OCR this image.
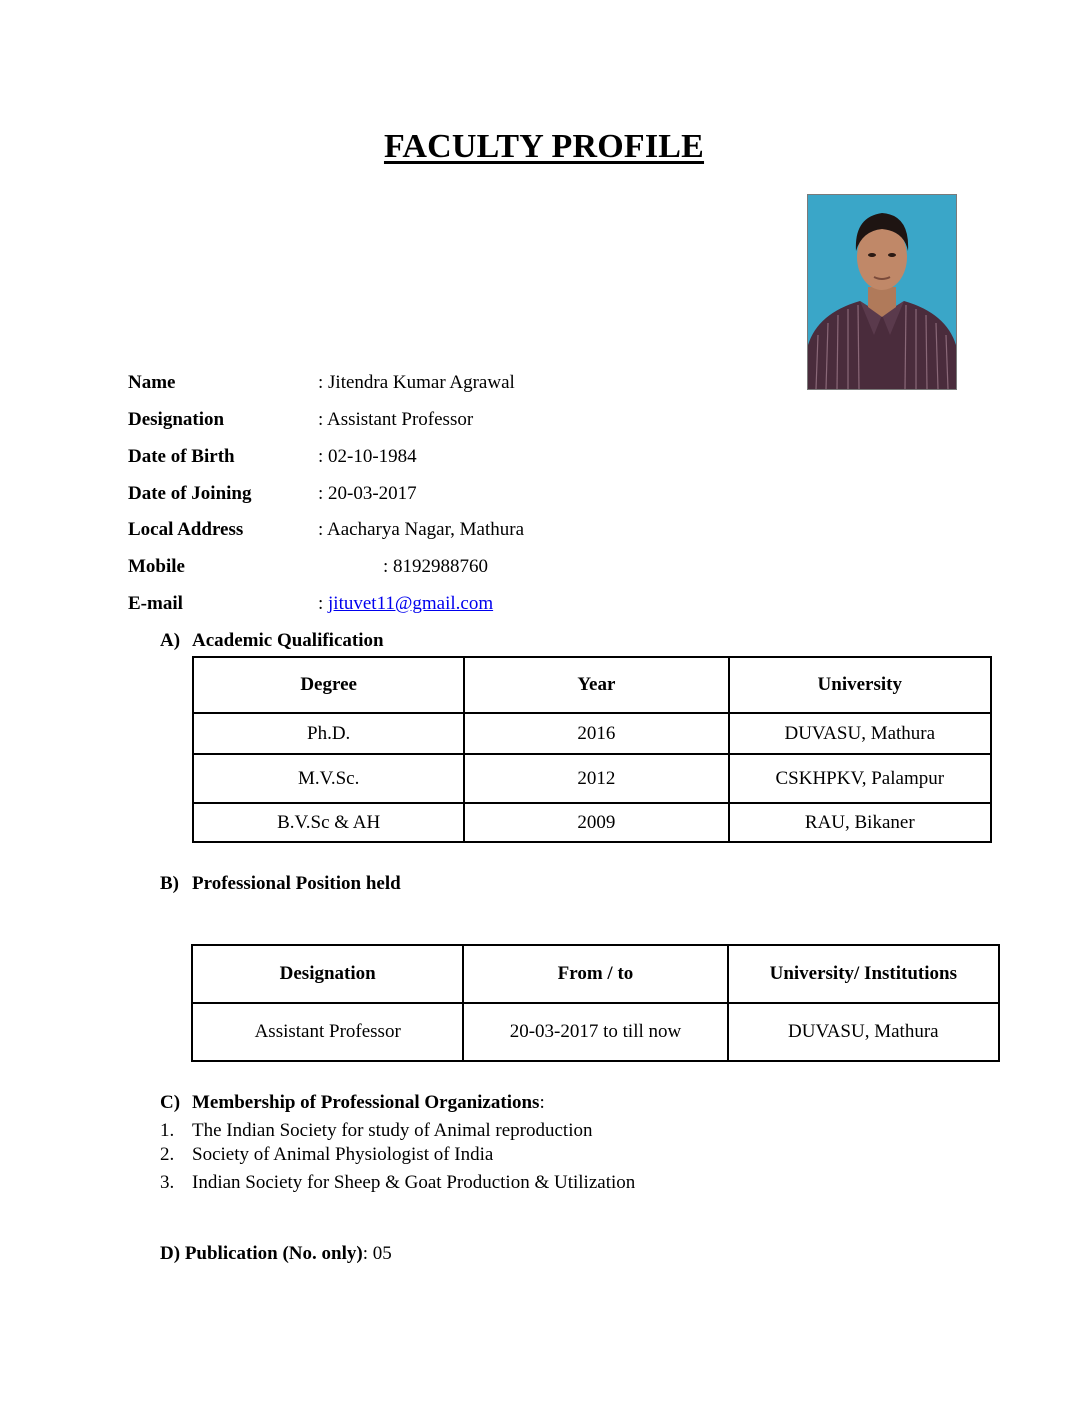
FACULTY PROFILE
Name	: Jitendra Kumar Agrawal
Designation	: Assistant Professor
Date of Birth	: 02-10-1984
Date of Joining	: 20-03-2017
Local Address	: Aacharya Nagar, Mathura
Mobile	: 8192988760
E-mail	: jituvet11@gmail.com
A) Academic Qualification
Degree	Year	University
Ph.D.	2016	DUVASU, Mathura
M.V.Sc.	2012	CSKHPKV, Palampur
B.V.Sc & AH	2009	RAU, Bikaner
B) Professional Position held
Designation	From / to	University/ Institutions
Assistant Professor	20-03-2017 to till now	DUVASU, Mathura
C) Membership of Professional Organizations:
1. The Indian Society for study of Animal reproduction
2. Society of Animal Physiologist of India
3. Indian Society for Sheep & Goat Production & Utilization
D) Publication (No. only): 05
